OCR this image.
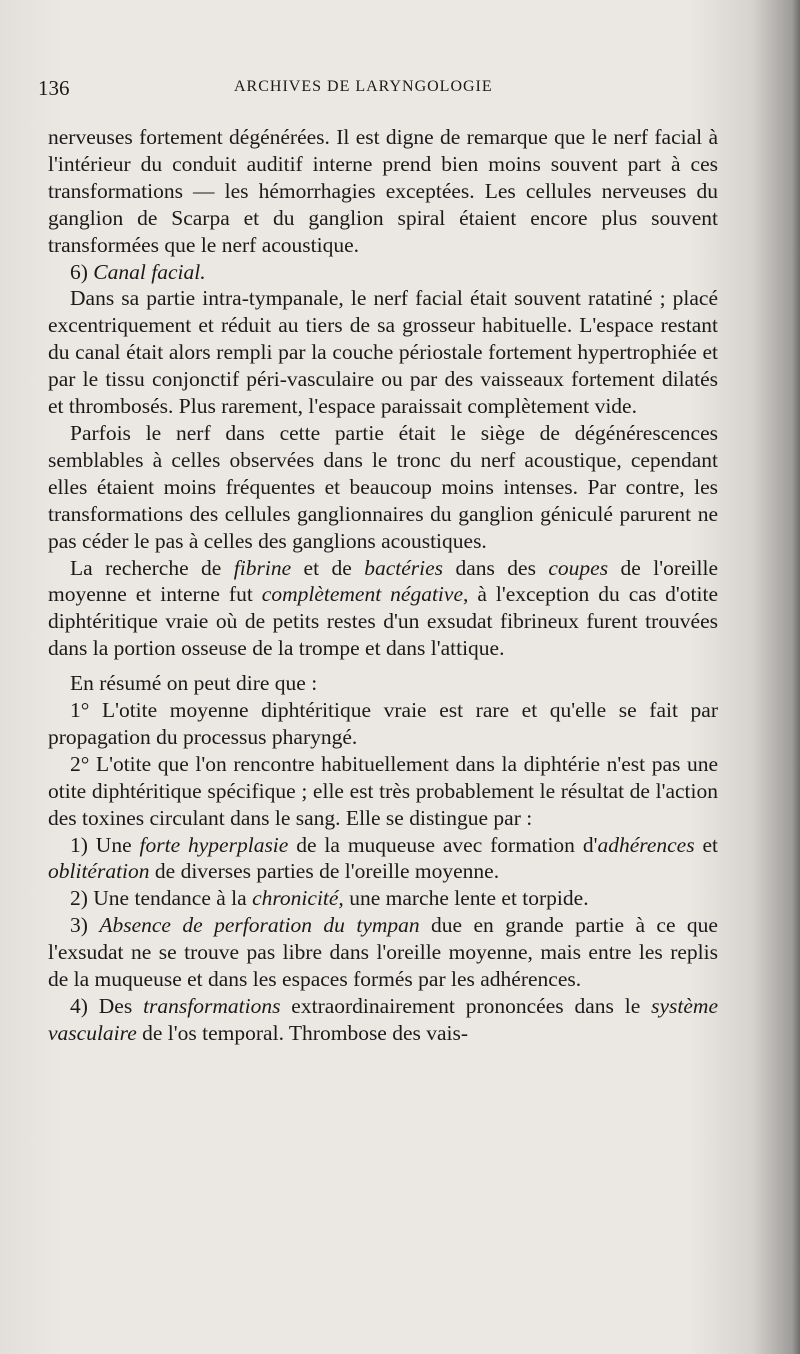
136	ARCHIVES DE LARYNGOLOGIE

nerveuses fortement dégénérées. Il est digne de remarque que le nerf facial à l'intérieur du conduit auditif interne prend bien moins souvent part à ces transformations — les hémorrhagies exceptées. Les cellules nerveuses du ganglion de Scarpa et du ganglion spiral étaient encore plus souvent transformées que le nerf acoustique.

6) Canal facial.

Dans sa partie intra-tympanale, le nerf facial était souvent ratatiné ; placé excentriquement et réduit au tiers de sa grosseur habituelle. L'espace restant du canal était alors rempli par la couche périostale fortement hypertrophiée et par le tissu conjonctif péri-vasculaire ou par des vaisseaux fortement dilatés et thrombosés. Plus rarement, l'espace paraissait complètement vide.

Parfois le nerf dans cette partie était le siège de dégénérescences semblables à celles observées dans le tronc du nerf acoustique, cependant elles étaient moins fréquentes et beaucoup moins intenses. Par contre, les transformations des cellules ganglionnaires du ganglion géniculé parurent ne pas céder le pas à celles des ganglions acoustiques.

La recherche de fibrine et de bactéries dans des coupes de l'oreille moyenne et interne fut complètement négative, à l'exception du cas d'otite diphtéritique vraie où de petits restes d'un exsudat fibrineux furent trouvées dans la portion osseuse de la trompe et dans l'attique.

En résumé on peut dire que :

1° L'otite moyenne diphtéritique vraie est rare et qu'elle se fait par propagation du processus pharyngé.

2° L'otite que l'on rencontre habituellement dans la diphtérie n'est pas une otite diphtéritique spécifique ; elle est très probablement le résultat de l'action des toxines circulant dans le sang. Elle se distingue par :

1) Une forte hyperplasie de la muqueuse avec formation d'adhérences et oblitération de diverses parties de l'oreille moyenne.

2) Une tendance à la chronicité, une marche lente et torpide.

3) Absence de perforation du tympan due en grande partie à ce que l'exsudat ne se trouve pas libre dans l'oreille moyenne, mais entre les replis de la muqueuse et dans les espaces formés par les adhérences.

4) Des transformations extraordinairement prononcées dans le système vasculaire de l'os temporal. Thrombose des vais-
